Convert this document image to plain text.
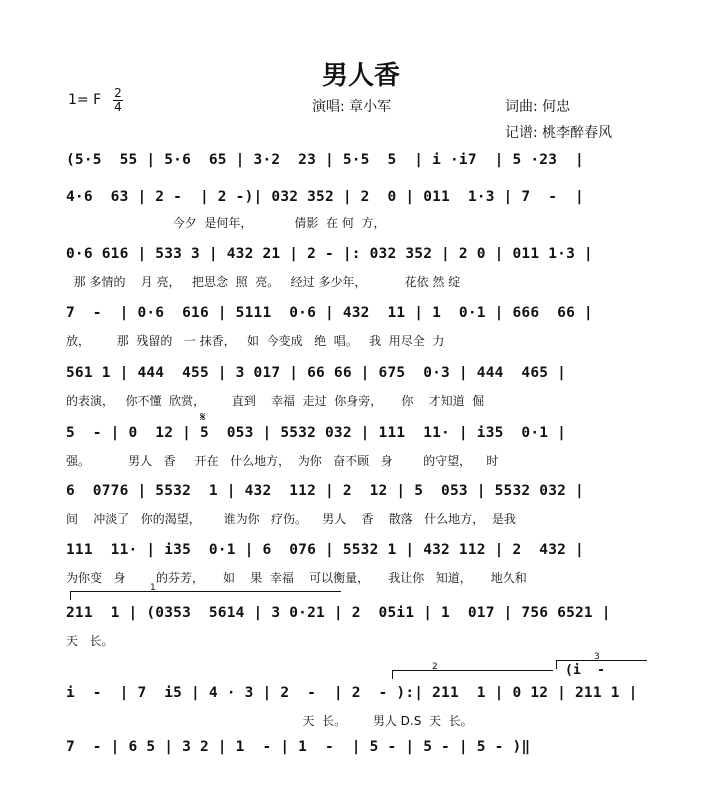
男人香
1= F 2
4	演唱: 章小军	词曲: 何忠
记谱: 桃李醉春风
(5·5  55 | 5·6  65 | 3·2  23 | 5·5  5  | i ·i7  | 5 ·23  |
4·6  63 | 2 -  | 2 -)| 032 352 | 2  0 | 011  1·3 | 7  -  |
今夕  是何年，           倩影  在 何  方，
0·6 616 | 533 3 | 432 21 | 2 - |: 032 352 | 2 0 | 011 1·3 |
那 多情的    月 亮，   把思念  照  亮。   经过 多少年，          花依 然 绽
7  -  | 0·6  616 | 5111  0·6 | 432  11 | 1  0·1 | 666  66 |
放，       那  残留的   一 抹香，   如  今变成   绝  唱。   我  用尽全  力
561 1 | 444  455 | 3 017 | 66 66 | 675  0·3 | 444  465 |
的表演，   你不懂  欣赏，       直到    幸福  走过  你身旁，     你    才知道  倔
𝄋
5  - | 0  12 | 5  053 | 5532 032 | 111  11· | i35  0·1 |
强。          男人   香     开在   什么地方，  为你   奋不顾   身        的守望，    时
6  0776 | 5532  1 | 432  112 | 2  12 | 5  053 | 5532 032 |
间    冲淡了   你的渴望，      谁为你   疗伤。    男人    香    散落   什么地方，  是我
111  11· | i35  0·1 | 6  076 | 5532 1 | 432 112 | 2  432 |
为你变   身        的芬芳，     如    果  幸福    可以衡量，     我让你   知道，     地久和
1
211  1 | (0353  5614 | 3 0·21 | 2  05i1 | 1  017 | 756 6521 |
天   长。
2
3
(i  -
i  -  | 7  i5 | 4 · 3 | 2  -  | 2  - ):| 211  1 | 0 12 | 211 1 |
天  长。       男人 D.S  天  长。
7  - | 6 5 | 3 2 | 1  - | 1  -  | 5 - | 5 - | 5 - )‖
